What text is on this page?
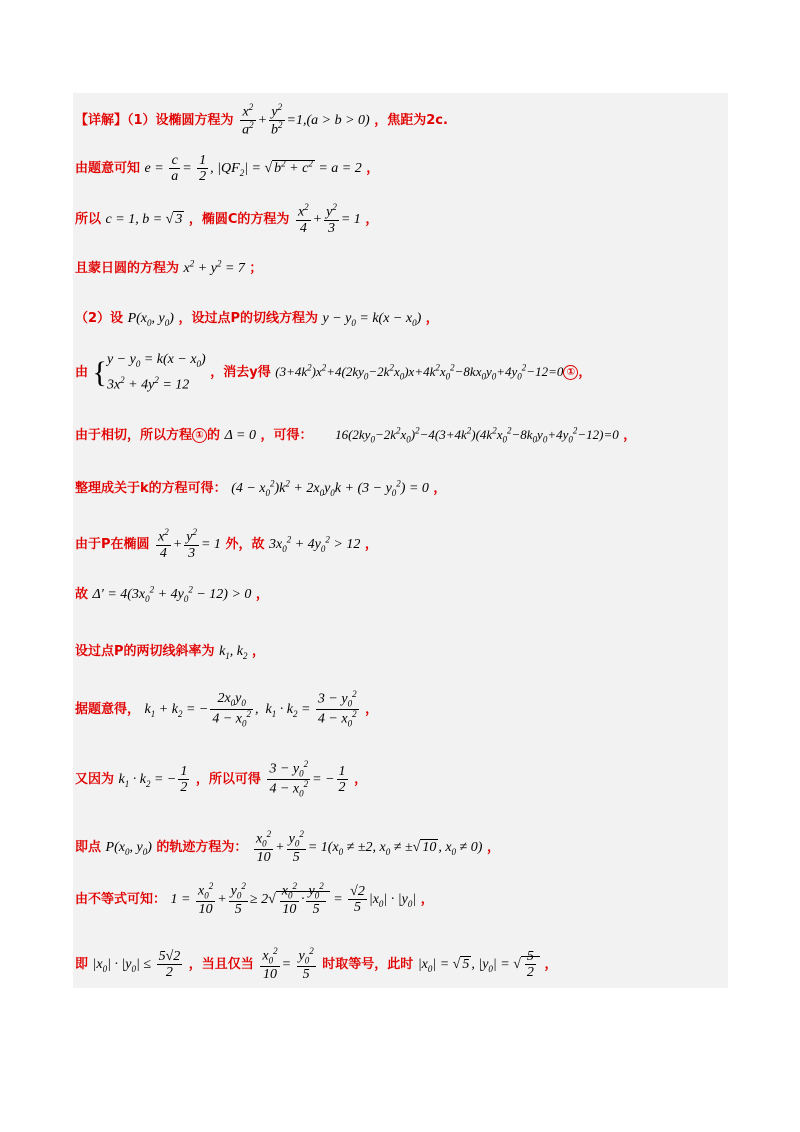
【详解】（1）设椭圆方程为 $\frac{x^2}{a^2} + \frac{y^2}{b^2} =1,(a > b > 0)$ ，焦距为2c.
由题意可知 $e = \frac{c}{a} = \frac{1}{2}$ , $|QF_2|$ = √ $b^2 + c^2 = a = 2$ ，
所以 c = 1, b = √ 3 ，椭圆C的方程为 $\frac{x^2}{4} + \frac{y^2}{3} = 1$ ，
且蒙日圆的方程为 $x^2 + y^2 = 7$ ；
（2）设 $P(x_0$, $y_0$) ，设过点P的切线方程为 $y - y_0 = k(x - x_0)$ ，
由 {$y - y_0 = k(x - x_0)$
$3x^2 + 4y^2 = 12$ ，消去y得 $(3+4k^2)x^2+4(2ky_0-2k^2x_0)x+4k^2x_0^2-8kx_0y_0+4y_0^2-12=0$ ① ，
由于相切，所以方程 ① 的 Δ = 0 ，可得： $16(2ky_0-2k^2x_0)^2-4(3+4k^2)(4k^2x_0^2-8k_0y_0+4y_0^2-12)=0$ ，
整理成关于k的方程可得： $(4 - x_0^2)k^2 + 2x_0y_0k + (3 - y_0^2) = 0$ ，
由于P在椭圆 $\frac{x^2}{4} + \frac{y^2}{3} = 1$ 外，故 $3x_0^2 + 4y_0^2 > 12$ ，
故 $\Delta' = 4(3x_0^2 + 4y_0^2 - 12) > 0$ ，
设过点P的两切线斜率为 $k_1$, $k_2$ ，
据题意得， $k_1 + k_2$ = − $\frac{2x_0y_0}{4 - x_0^2}$ ,  $k_1 \cdot k_2 = \frac{3 - y_0^2}{4 - x_0^2}$ ，
又因为 $k_1 \cdot k_2$ = − $\frac{1}{2}$ ，所以可得 $\frac{3 - y_0^2}{4 - x_0^2}$ = − $\frac{1}{2}$ ，
即点 $P(x_0$, $y_0$) 的轨迹方程为： $\frac{x_0^2}{10} + \frac{y_0^2}{5} = 1(x_0 \ne \pm 2$, $x_0$ ≠ ±√ 10 , $x_0 \ne 0$) ，
由不等式可知： $1 = \frac{x_0^2}{10} + \frac{y_0^2}{5} \ge 2√ \frac{x_0^2}{10} \cdot \frac{y_0^2}{5} = \frac{√2}{5} |x_0| \cdot |y_0|$ ，
即 $|x_0| \cdot |y_0| \le \frac{5√2}{2}$ ，当且仅当 $\frac{x_0^2}{10} = \frac{y_0^2}{5}$ 时取等号，此时 $|x_0|$ = √ 5 , $|y_0|$ = √ $\frac{5}{2}$ ，
